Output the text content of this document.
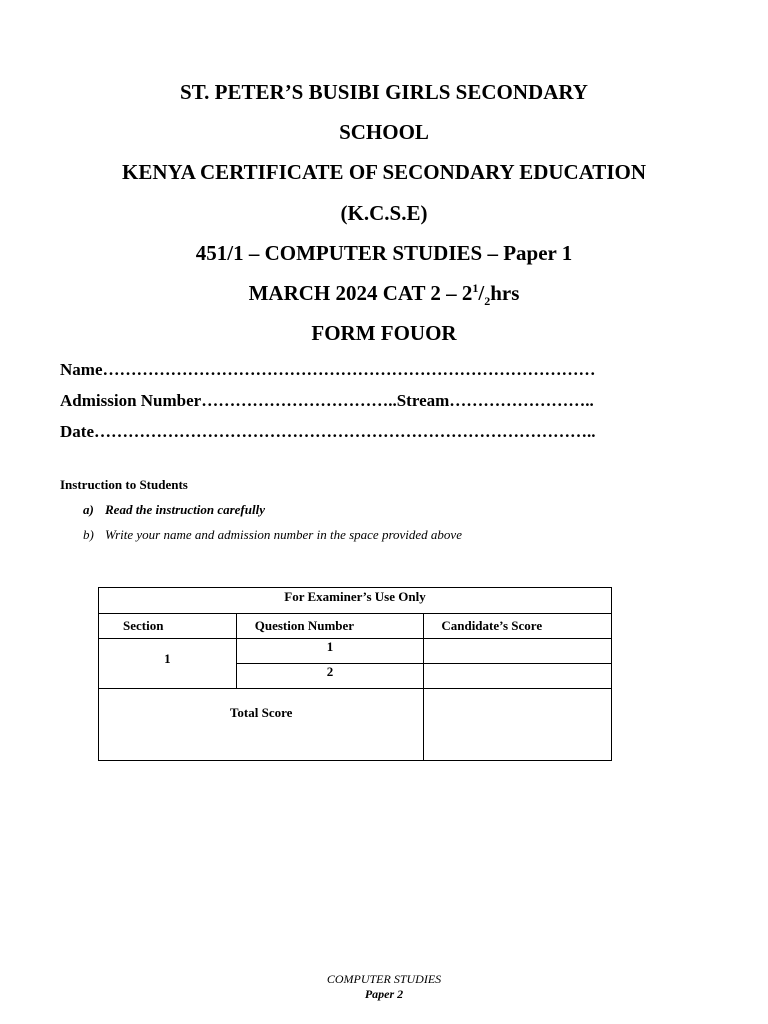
ST. PETER’S BUSIBI GIRLS SECONDARY
SCHOOL
KENYA CERTIFICATE OF SECONDARY EDUCATION
(K.C.S.E)
451/1 – COMPUTER STUDIES – Paper 1
MARCH 2024 CAT $2 - 2^1/_2hrs$
FORM FOUOR
Name……………………………………………………………………………
Admission Number……………………………..Stream……………………..
Date……………………………………………………………………………..
Instruction to Students
a) Read the instruction carefully
b) Write your name and admission number in the space provided above
For Examiner’s Use Only		
Section	Question Number	Candidate’s Score
1	1	
	2	
Total Score		
COMPUTER STUDIES
Paper 2
